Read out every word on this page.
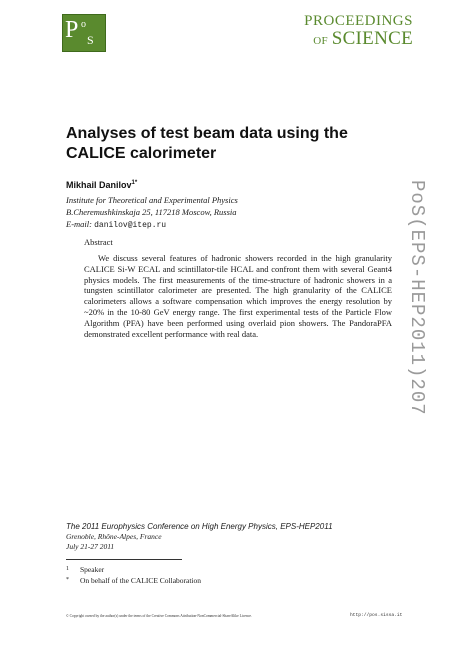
P o
S
PROCEEDINGS
OF SCIENCE
Analyses of test beam data using the CALICE calorimeter
Mikhail Danilov$^{1*}$
Institute for Theoretical and Experimental Physics
B.Cheremushkinskaja 25, 117218 Moscow, Russia
E-mail: danilov@itep.ru
Abstract
We discuss several features of hadronic showers recorded in the high granularity CALICE Si-W ECAL and scintillator-tile HCAL and confront them with several Geant4 physics models. The first measurements of the time-structure of hadronic showers in a tungsten scintillator calorimeter are presented. The high granularity of the CALICE calorimeters allows a software compensation which improves the energy resolution by ~20% in the 10-80 GeV energy range. The first experimental tests of the Particle Flow Algorithm (PFA) have been performed using overlaid pion showers. The PandoraPFA demonstrated excellent performance with real data.	PoS(EPS-HEP2011)207
The 2011 Europhysics Conference on High Energy Physics, EPS-HEP2011
Grenoble, Rhône-Alpes, France
July 21-27 2011
1 Speaker
* On behalf of the CALICE Collaboration
© Copyright owned by the author(s) under the terms of the Creative Commons Attribution-NonCommercial-ShareAlike Licence.	http://pos.sissa.it
